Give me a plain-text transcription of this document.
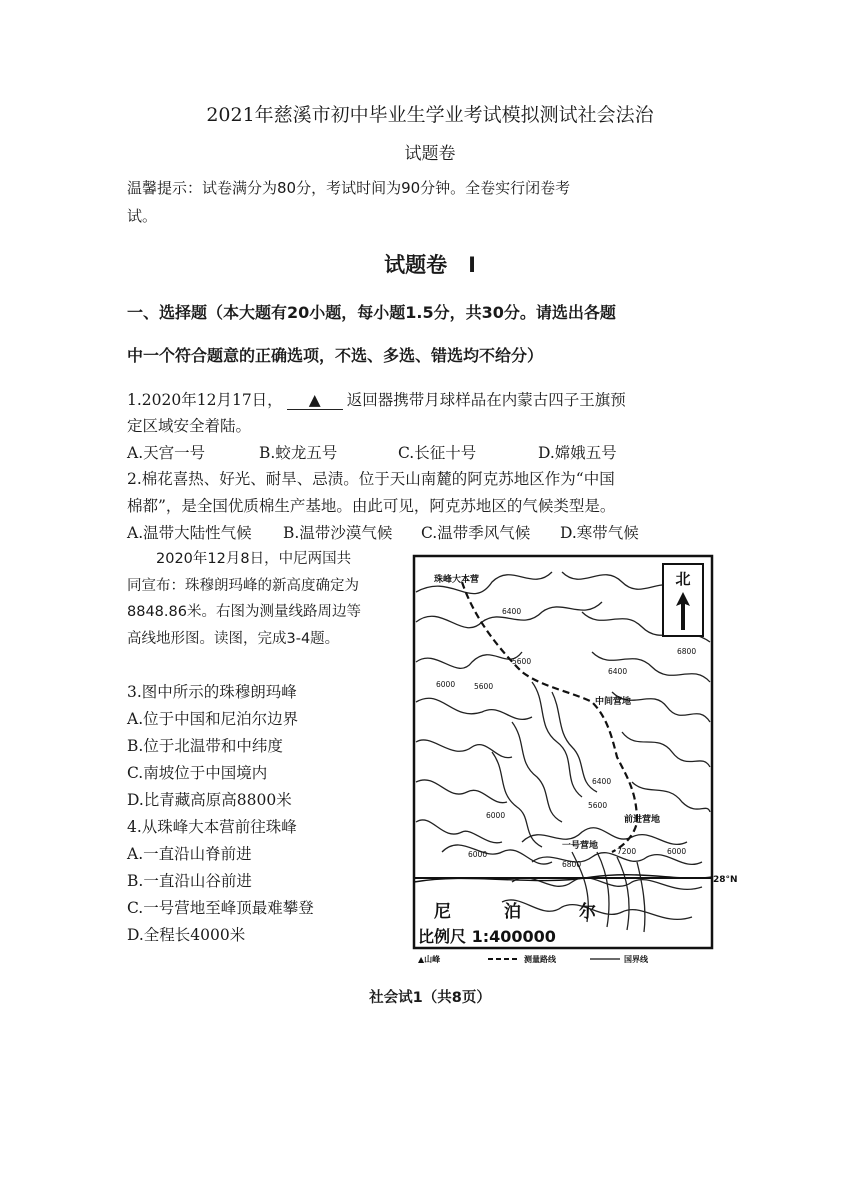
2021年慈溪市初中毕业生学业考试模拟测试社会法治
试题卷
温馨提示：试卷满分为80分，考试时间为90分钟。全卷实行闭卷考
试。
试题卷　I
一、选择题（本大题有20小题，每小题1.5分，共30分。请选出各题
中一个符合题意的正确选项，不选、多选、错选均不给分）
1.2020年12月17日， ▲ 返回器携带月球样品在内蒙古四子王旗预
定区域安全着陆。
A.天宫一号	B.蛟龙五号	C.长征十号	D.嫦娥五号
2.棉花喜热、好光、耐旱、忌渍。位于天山南麓的阿克苏地区作为“中国
棉都”，是全国优质棉生产基地。由此可见，阿克苏地区的气候类型是。
A.温带大陆性气候 B.温带沙漠气候 C.温带季风气候 D.寒带气候
　　2020年12月8日，中尼两国共
同宣布：珠穆朗玛峰的新高度确定为
8848.86米。右图为测量线路周边等
高线地形图。读图，完成3-4题。
3.图中所示的珠穆朗玛峰
A.位于中国和尼泊尔边界
B.位于北温带和中纬度
C.南坡位于中国境内
D.比青藏高原高8800米
4.从珠峰大本营前往珠峰
A.一直沿山脊前进
B.一直沿山谷前进
C.一号营地至峰顶最难攀登
D.全程长4000米
北
珠峰大本营
中间营地
前进营地
一号营地
28°N
尼	泊	尔
比例尺 1:400000
6400
6000	5600
6800
6400
5600
6400
5600
6000
6800
6000
7200
6000
▲山峰	测量路线	国界线
社会试1（共8页）
